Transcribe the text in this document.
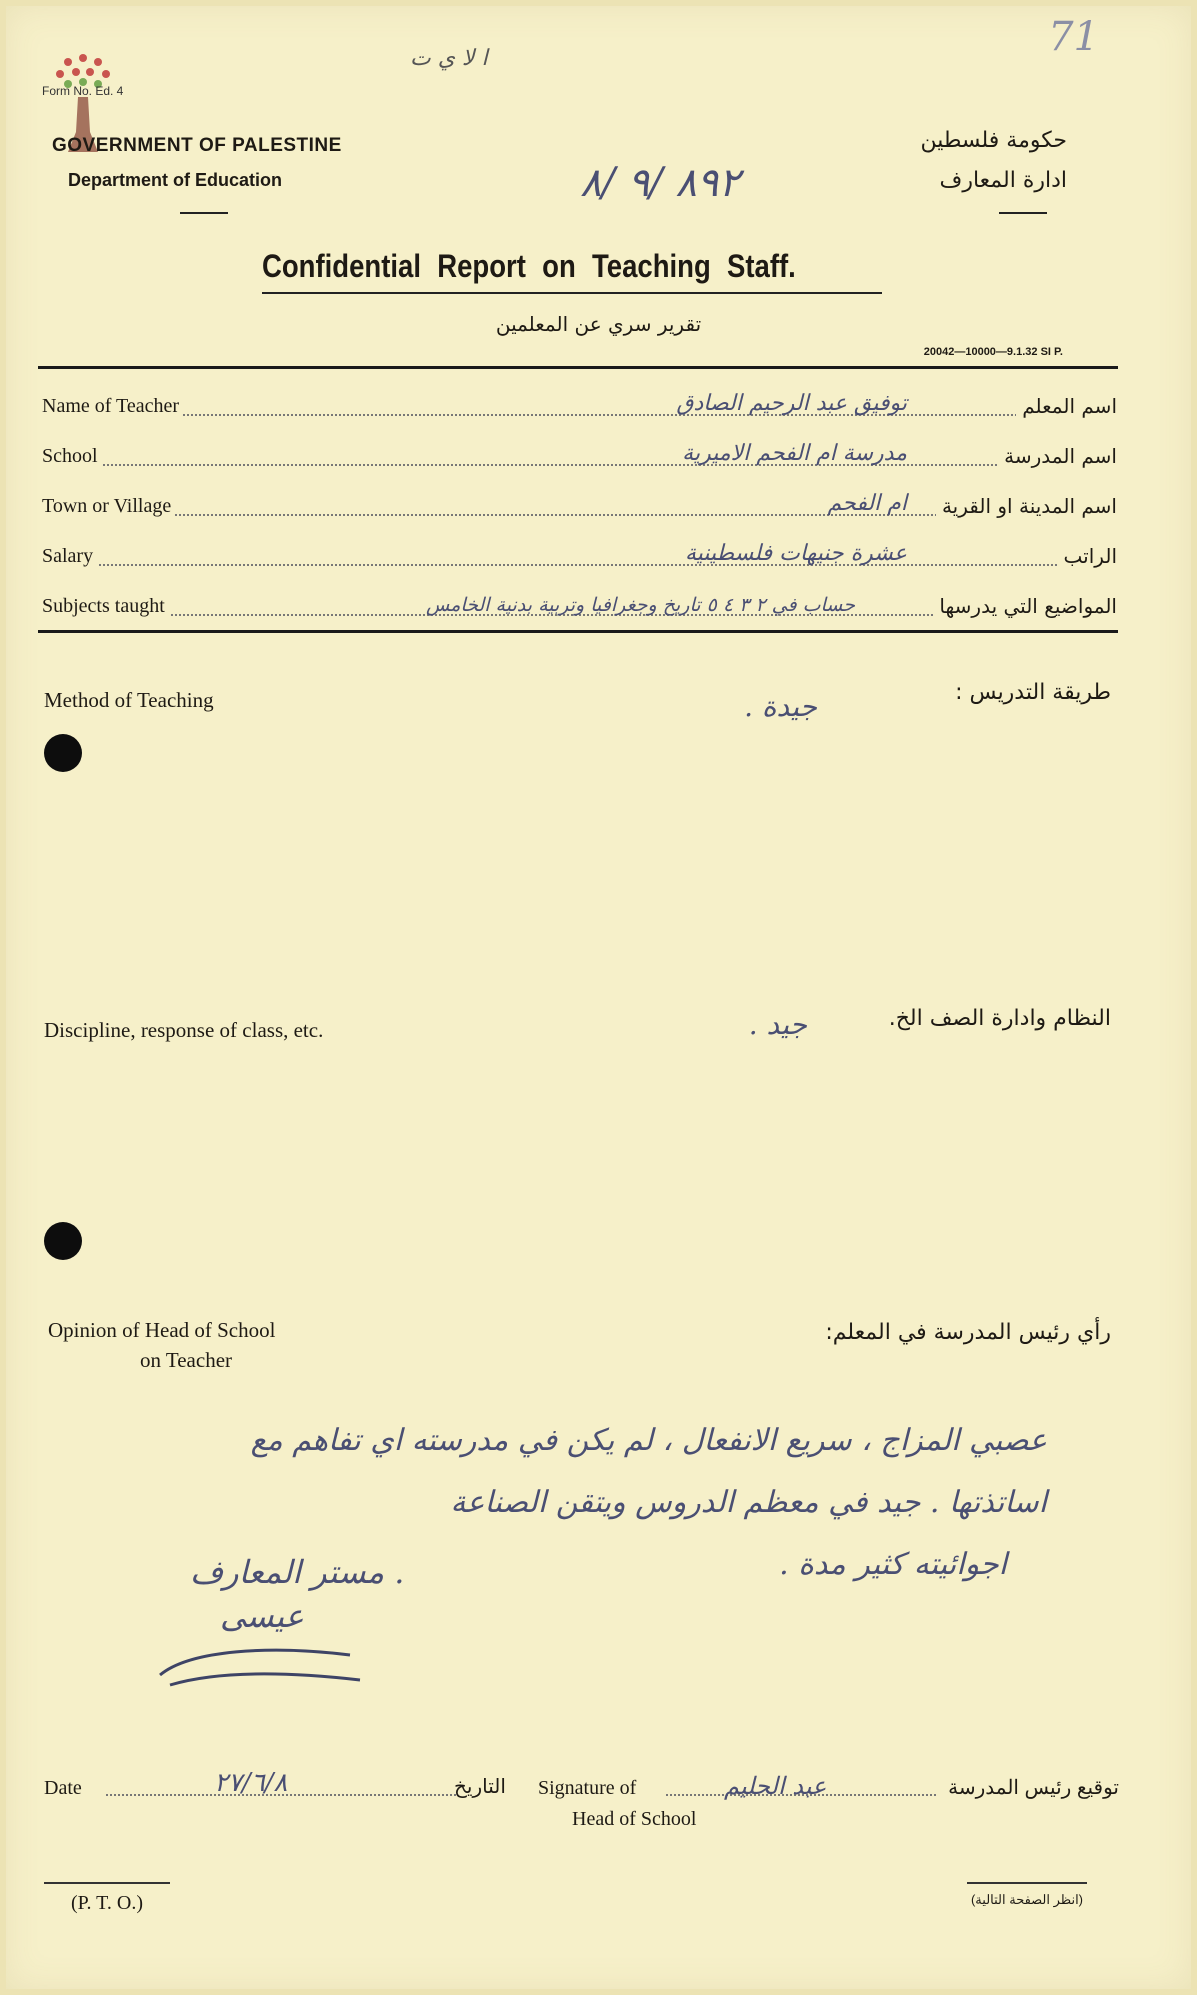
71
Form No. Ed. 4
GOVERNMENT OF PALESTINE
Department of Education
ا لا ي ت
٨٩٢ /٩ /٨
حكومة فلسطين
ادارة المعارف
Confidential Report on Teaching Staff.
تقرير سري عن المعلمين
20042—10000—9.1.32 SI P.
Name of Teacher	توفيق عبد الرحيم الصادق	اسم المعلم
School	مدرسة ام الفحم الاميرية	اسم المدرسة
Town or Village	ام الفحم	اسم المدينة او القرية
Salary	عشرة جنيهات فلسطينية	الراتب
Subjects taught	حساب في ٢ ٣ ٤ ٥ تاريخ وجغرافيا وتربية بدنية الخامس	المواضيع التي يدرسها
Method of Teaching	طريقة التدريس :
جيدة .
Discipline, response of class, etc.	النظام وادارة الصف الخ.
جيد .
Opinion of Head of School
on Teacher
رأي رئيس المدرسة في المعلم:
عصبي المزاج ، سريع الانفعال ، لم يكن في مدرسته اي تفاهم مع
اساتذتها . جيد في معظم الدروس ويتقن الصناعة
اجوائيته كثير مدة .
مستر المعارف .
عيسى
Date	٢٧/٦/٨	التاريخ Signature of	عبد الحليم	توقيع رئيس المدرسة
Head of School
(P. T. O.)	(انظر الصفحة التالية)
